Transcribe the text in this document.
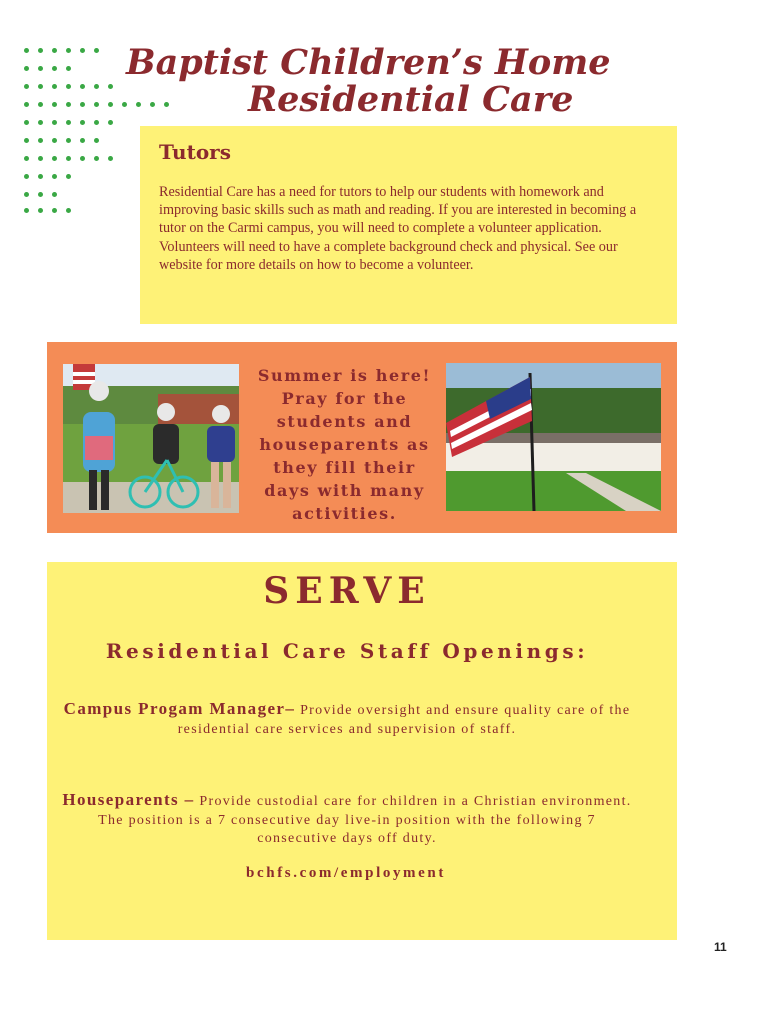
Baptist Children’s Home
Residential Care
Tutors

Residential Care has a need for tutors to help our students with homework and improving basic skills such as math and reading. If you are interested in becoming a tutor on the Carmi campus, you will need to complete a volunteer application. Volunteers will need to have a complete background check and physical. See our website for more details on how to become a volunteer.

Summer is here! Pray for the students and houseparents as they fill their days with many activities.

SERVE
Residential Care Staff Openings:

Campus Progam Manager– Provide oversight and ensure quality care of the residential care services and supervision of staff.

Houseparents – Provide custodial care for children in a Christian environment. The position is a 7 consecutive day live-in position with the following 7 consecutive days off duty.

bchfs.com/employment

11
